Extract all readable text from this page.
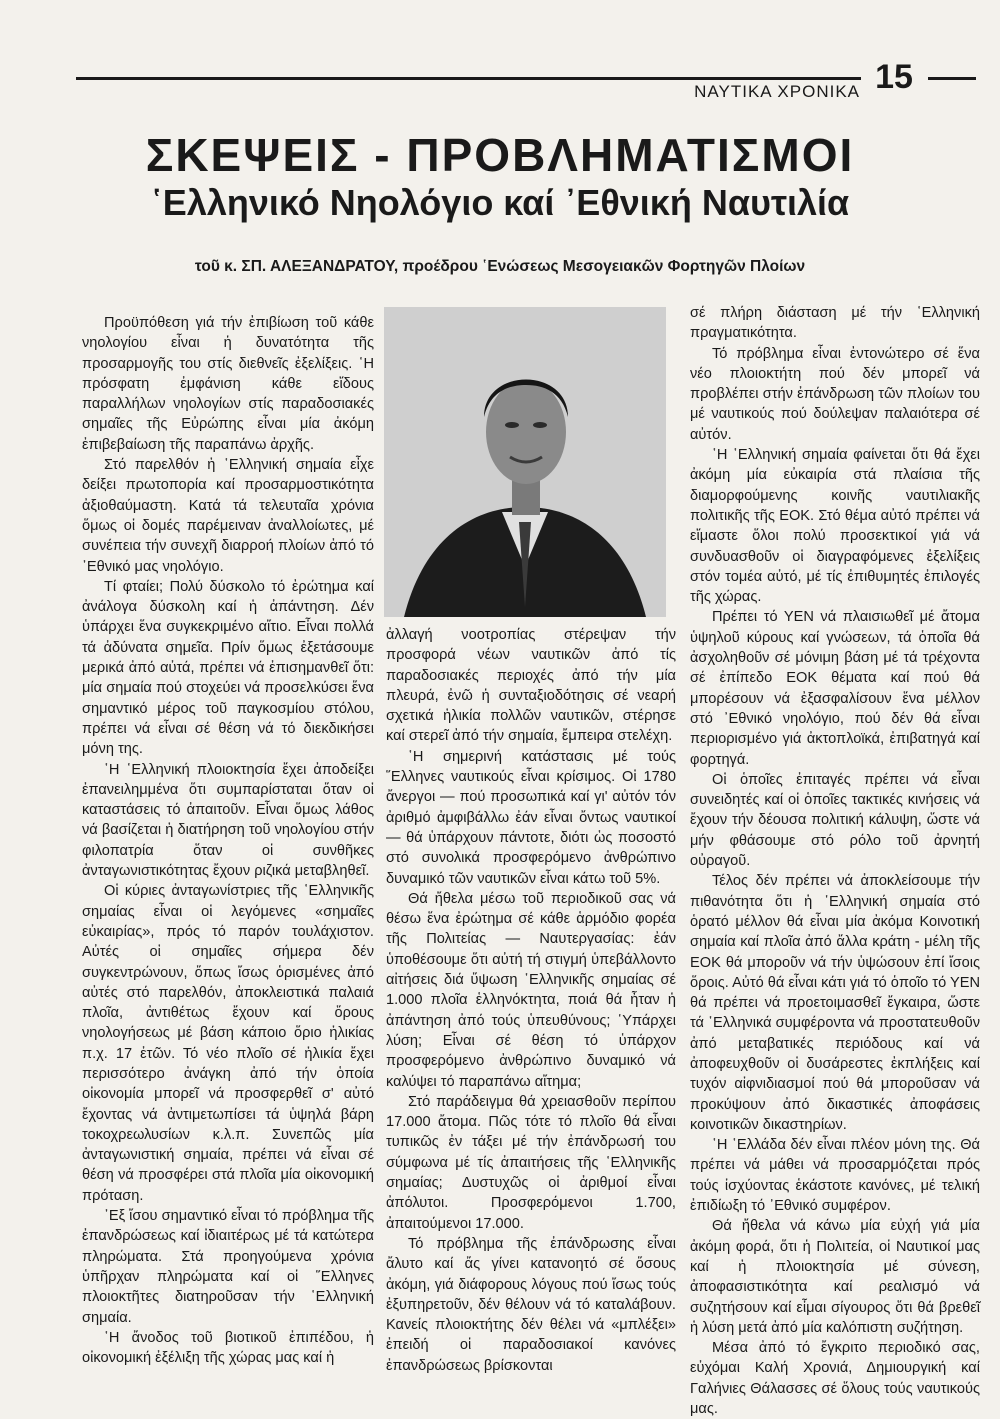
ΝΑΥΤΙΚΑ ΧΡΟΝΙΚΑ 15
ΣΚΕΨΕΙΣ - ΠΡΟΒΛΗΜΑΤΙΣΜΟΙ
῾Ελληνικό Νηολόγιο καί ᾿Εθνική Ναυτιλία
τοῦ κ. ΣΠ. ΑΛΕΞΑΝΔΡΑΤΟΥ, προέδρου ῾Ενώσεως Μεσογειακῶν Φορτηγῶν Πλοίων

Προϋπόθεση γιά τήν ἐπιβίωση τοῦ κάθε νηολογίου εἶναι ἡ δυνατότητα τῆς προσαρμογῆς του στίς διεθνεῖς ἐξελίξεις. ῾Η πρόσφατη ἐμφάνιση κάθε εἴδους παραλλήλων νηολογίων στίς παραδοσιακές σημαῖες τῆς Εὐρώπης εἶναι μία ἀκόμη ἐπιβεβαίωση τῆς παραπάνω ἀρχῆς.

Στό παρελθόν ἡ ῾Ελληνική σημαία εἶχε δείξει πρωτοπορία καί προσαρμοστικότητα ἀξιοθαύμαστη. Κατά τά τελευταῖα χρόνια ὅμως οἱ δομές παρέμειναν ἀναλλοίωτες, μέ συνέπεια τήν συνεχῆ διαρροή πλοίων ἀπό τό ᾿Εθνικό μας νηολόγιο.

Τί φταίει; Πολύ δύσκολο τό ἐρώτημα καί ἀνάλογα δύσκολη καί ἡ ἀπάντηση. Δέν ὑπάρχει ἕνα συγκεκριμένο αἴτιο. Εἶναι πολλά τά ἀδύνατα σημεῖα. Πρίν ὅμως ἐξετάσουμε μερικά ἀπό αὐτά, πρέπει νά ἐπισημανθεῖ ὅτι: μία σημαία πού στοχεύει νά προσελκύσει ἕνα σημαντικό μέρος τοῦ παγκοσμίου στόλου, πρέπει νά εἶναι σέ θέση νά τό διεκδικήσει μόνη της.

῾Η ῾Ελληνική πλοιοκτησία ἔχει ἀποδείξει ἐπανειλημμένα ὅτι συμπαρίσταται ὅταν οἱ καταστάσεις τό ἀπαιτοῦν. Εἶναι ὅμως λάθος νά βασίζεται ἡ διατήρηση τοῦ νηολογίου στήν φιλοπατρία ὅταν οἱ συνθῆκες ἀνταγωνιστικότητας ἔχουν ριζικά μεταβληθεῖ.

Οἱ κύριες ἀνταγωνίστριες τῆς ῾Ελληνικῆς σημαίας εἶναι οἱ λεγόμενες «σημαῖες εὐκαιρίας», πρός τό παρόν τουλάχιστον. Αὐτές οἱ σημαῖες σήμερα δέν συγκεντρώνουν, ὅπως ἴσως ὁρισμένες ἀπό αὐτές στό παρελθόν, ἀποκλειστικά παλαιά πλοῖα, ἀντιθέτως ἔχουν καί ὅρους νηολογήσεως μέ βάση κάποιο ὅριο ἡλικίας π.χ. 17 ἐτῶν. Τό νέο πλοῖο σέ ἡλικία ἔχει περισσότερο ἀνάγκη ἀπό τήν ὁποία οἰκονομία μπορεῖ νά προσφερθεῖ σ' αὐτό ἔχοντας νά ἀντιμετωπίσει τά ὑψηλά βάρη τοκοχρεωλυσίων κ.λ.π. Συνεπῶς μία ἀνταγωνιστική σημαία, πρέπει νά εἶναι σέ θέση νά προσφέρει στά πλοῖα μία οἰκονομική πρόταση.

᾿Εξ ἴσου σημαντικό εἶναι τό πρόβλημα τῆς ἐπανδρώσεως καί ἰδιαιτέρως μέ τά κατώτερα πληρώματα. Στά προηγούμενα χρόνια ὑπῆρχαν πληρώματα καί οἱ ῞Ελληνες πλοιοκτῆτες διατηροῦσαν τήν ῾Ελληνική σημαία.

῾Η ἄνοδος τοῦ βιοτικοῦ ἐπιπέδου, ἡ οἰκονομική ἐξέλιξη τῆς χώρας μας καί ἡ

ἀλλαγή νοοτροπίας στέρεψαν τήν προσφορά νέων ναυτικῶν ἀπό τίς παραδοσιακές περιοχές ἀπό τήν μία πλευρά, ἐνῶ ἡ συνταξιοδότησις σέ νεαρή σχετικά ἡλικία πολλῶν ναυτικῶν, στέρησε καί στερεῖ ἀπό τήν σημαία, ἔμπειρα στελέχη.

῾Η σημερινή κατάστασις μέ τούς ῞Ελληνες ναυτικούς εἶναι κρίσιμος. Οἱ 1780 ἄνεργοι — πού προσωπικά καί γι' αὐτόν τόν ἀριθμό ἀμφιβάλλω ἐάν εἶναι ὄντως ναυτικοί — θά ὑπάρχουν πάντοτε, διότι ὡς ποσοστό στό συνολικά προσφερόμενο ἀνθρώπινο δυναμικό τῶν ναυτικῶν εἶναι κάτω τοῦ 5%.

Θά ἤθελα μέσω τοῦ περιοδικοῦ σας νά θέσω ἕνα ἐρώτημα σέ κάθε ἁρμόδιο φορέα τῆς Πολιτείας — Ναυτεργασίας: ἐάν ὑποθέσουμε ὅτι αὐτή τή στιγμή ὑπεβάλλοντο αἰτήσεις διά ὕψωση ῾Ελληνικῆς σημαίας σέ 1.000 πλοῖα ἑλληνόκτητα, ποιά θά ἦταν ἡ ἀπάντηση ἀπό τούς ὑπευθύνους; ῾Υπάρχει λύση; Εἶναι σέ θέση τό ὑπάρχον προσφερόμενο ἀνθρώπινο δυναμικό νά καλύψει τό παραπάνω αἴτημα;

Στό παράδειγμα θά χρειασθοῦν περίπου 17.000 ἄτομα. Πῶς τότε τό πλοῖο θά εἶναι τυπικῶς ἐν τάξει μέ τήν ἐπάνδρωσή του σύμφωνα μέ τίς ἀπαιτήσεις τῆς ῾Ελληνικῆς σημαίας; Δυστυχῶς οἱ ἀριθμοί εἶναι ἀπόλυτοι. Προσφερόμενοι 1.700, ἀπαιτούμενοι 17.000.

Τό πρόβλημα τῆς ἐπάνδρωσης εἶναι ἄλυτο καί ἄς γίνει κατανοητό σέ ὅσους ἀκόμη, γιά διάφορους λόγους πού ἴσως τούς ἐξυπηρετοῦν, δέν θέλουν νά τό καταλάβουν. Κανείς πλοιοκτήτης δέν θέλει νά «μπλέξει» ἐπειδή οἱ παραδοσιακοί κανόνες ἐπανδρώσεως βρίσκονται

σέ πλήρη διάσταση μέ τήν ῾Ελληνική πραγματικότητα.

Τό πρόβλημα εἶναι ἐντονώτερο σέ ἕνα νέο πλοιοκτήτη πού δέν μπορεῖ νά προβλέπει στήν ἐπάνδρωση τῶν πλοίων του μέ ναυτικούς πού δούλεψαν παλαιότερα σέ αὐτόν.

῾Η ῾Ελληνική σημαία φαίνεται ὅτι θά ἔχει ἀκόμη μία εὐκαιρία στά πλαίσια τῆς διαμορφούμενης κοινῆς ναυτιλιακῆς πολιτικῆς τῆς ΕΟΚ. Στό θέμα αὐτό πρέπει νά εἴμαστε ὅλοι πολύ προσεκτικοί γιά νά συνδυασθοῦν οἱ διαγραφόμενες ἐξελίξεις στόν τομέα αὐτό, μέ τίς ἐπιθυμητές ἐπιλογές τῆς χώρας.

Πρέπει τό ΥΕΝ νά πλαισιωθεῖ μέ ἄτομα ὑψηλοῦ κύρους καί γνώσεων, τά ὁποῖα θά ἀσχοληθοῦν σέ μόνιμη βάση μέ τά τρέχοντα σέ ἐπίπεδο ΕΟΚ θέματα καί πού θά μπορέσουν νά ἐξασφαλίσουν ἕνα μέλλον στό ᾿Εθνικό νηολόγιο, πού δέν θά εἶναι περιορισμένο γιά ἀκτοπλοϊκά, ἐπιβατηγά καί φορτηγά.

Οἱ ὁποῖες ἐπιταγές πρέπει νά εἶναι συνειδητές καί οἱ ὁποῖες τακτικές κινήσεις νά ἔχουν τήν δέουσα πολιτική κάλυψη, ὥστε νά μήν φθάσουμε στό ρόλο τοῦ ἀρνητή οὐραγοῦ.

Τέλος δέν πρέπει νά ἀποκλείσουμε τήν πιθανότητα ὅτι ἡ ῾Ελληνική σημαία στό ὁρατό μέλλον θά εἶναι μία ἀκόμα Κοινοτική σημαία καί πλοῖα ἀπό ἄλλα κράτη - μέλη τῆς ΕΟΚ θά μποροῦν νά τήν ὑψώσουν ἐπί ἴσοις ὅροις. Αὐτό θά εἶναι κάτι γιά τό ὁποῖο τό ΥΕΝ θά πρέπει νά προετοιμασθεῖ ἔγκαιρα, ὥστε τά ῾Ελληνικά συμφέροντα νά προστατευθοῦν ἀπό μεταβατικές περιόδους καί νά ἀποφευχθοῦν οἱ δυσάρεστες ἐκπλήξεις καί τυχόν αἰφνιδιασμοί πού θά μποροῦσαν νά προκύψουν ἀπό δικαστικές ἀποφάσεις κοινοτικῶν δικαστηρίων.

῾Η ῾Ελλάδα δέν εἶναι πλέον μόνη της. Θά πρέπει νά μάθει νά προσαρμόζεται πρός τούς ἰσχύοντας ἑκάστοτε κανόνες, μέ τελική ἐπιδίωξη τό ᾿Εθνικό συμφέρον.

Θά ἤθελα νά κάνω μία εὐχή γιά μία ἀκόμη φορά, ὅτι ἡ Πολιτεία, οἱ Ναυτικοί μας καί ἡ πλοιοκτησία μέ σύνεση, ἀποφασιστικότητα καί ρεαλισμό νά συζητήσουν καί εἶμαι σίγουρος ὅτι θά βρεθεῖ ἡ λύση μετά ἀπό μία καλόπιστη συζήτηση.

Μέσα ἀπό τό ἔγκριτο περιοδικό σας, εὐχόμαι Καλή Χρονιά, Δημιουργική καί Γαλήνιες Θάλασσες σέ ὅλους τούς ναυτικούς μας.
